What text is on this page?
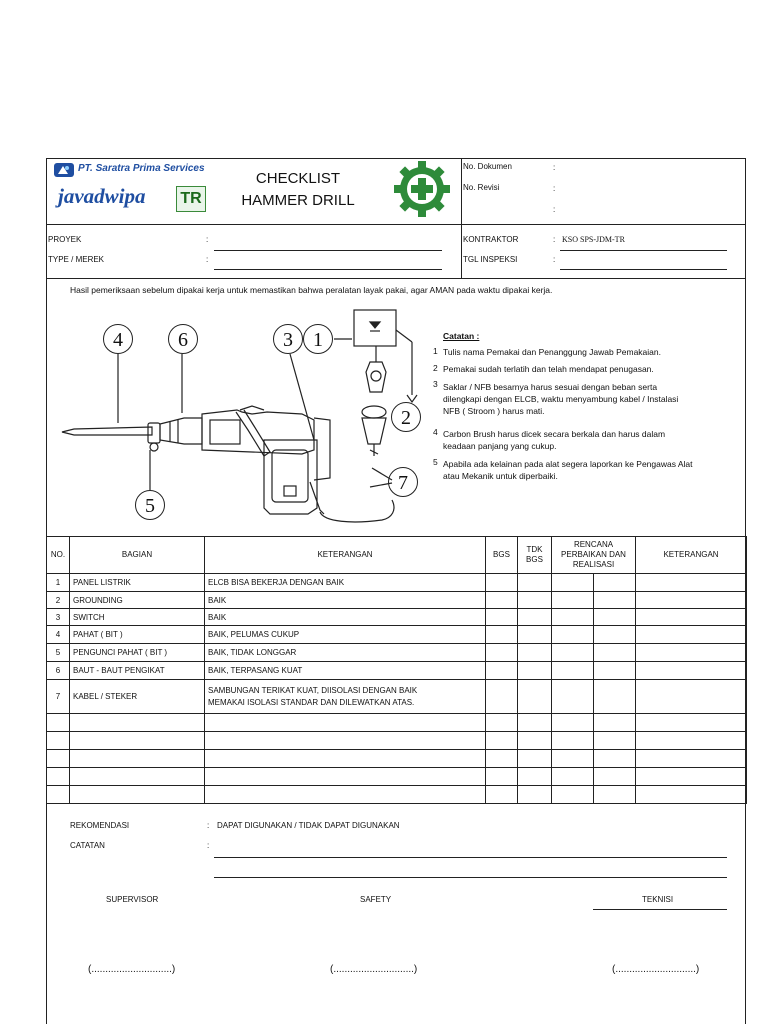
PT. Saratra Prima Services
javadwipa TR
CHECKLIST
HAMMER DRILL
No. Dokumen	:
No. Revisi	:
:
PROYEK	:
TYPE / MEREK	:
KONTRAKTOR	: KSO SPS-JDM-TR
TGL INSPEKSI	:
Hasil pemeriksaan sebelum dipakai kerja untuk memastikan bahwa peralatan layak pakai, agar AMAN pada waktu dipakai kerja.
4	6	3	1
2
5
7
Catatan :
1 Tulis nama Pemakai dan Penanggung Jawab Pemakaian.
2 Pemakai sudah terlatih dan telah mendapat penugasan.
3 Saklar / NFB besarnya harus sesuai dengan beban serta
dilengkapi dengan ELCB, waktu menyambung kabel / Instalasi
NFB ( Stroom ) harus mati.
4 Carbon Brush harus dicek secara berkala dan harus dalam
keadaan panjang yang cukup.
5 Apabila ada kelainan pada alat segera laporkan ke Pengawas Alat
atau Mekanik untuk diperbaiki.
NO.	BAGIAN	KETERANGAN	BGS	TDK BGS	RENCANA PERBAIKAN DAN REALISASI		KETERANGAN
1	PANEL LISTRIK	ELCB BISA BEKERJA DENGAN BAIK					
2	GROUNDING	BAIK					
3	SWITCH	BAIK					
4	PAHAT ( BIT )	BAIK, PELUMAS CUKUP					
5	PENGUNCI PAHAT ( BIT )	BAIK, TIDAK LONGGAR					
6	BAUT - BAUT PENGIKAT	BAIK, TERPASANG KUAT					
7	KABEL / STEKER	SAMBUNGAN TERIKAT KUAT, DIISOLASI DENGAN BAIK
MEMAKAI ISOLASI STANDAR DAN DILEWATKAN ATAS.					

REKOMENDASI	: DAPAT DIGUNAKAN / TIDAK DAPAT DIGUNAKAN
CATATAN	:
SUPERVISOR	SAFETY	TEKNISI
(.............................)	(.............................)	(.............................)
